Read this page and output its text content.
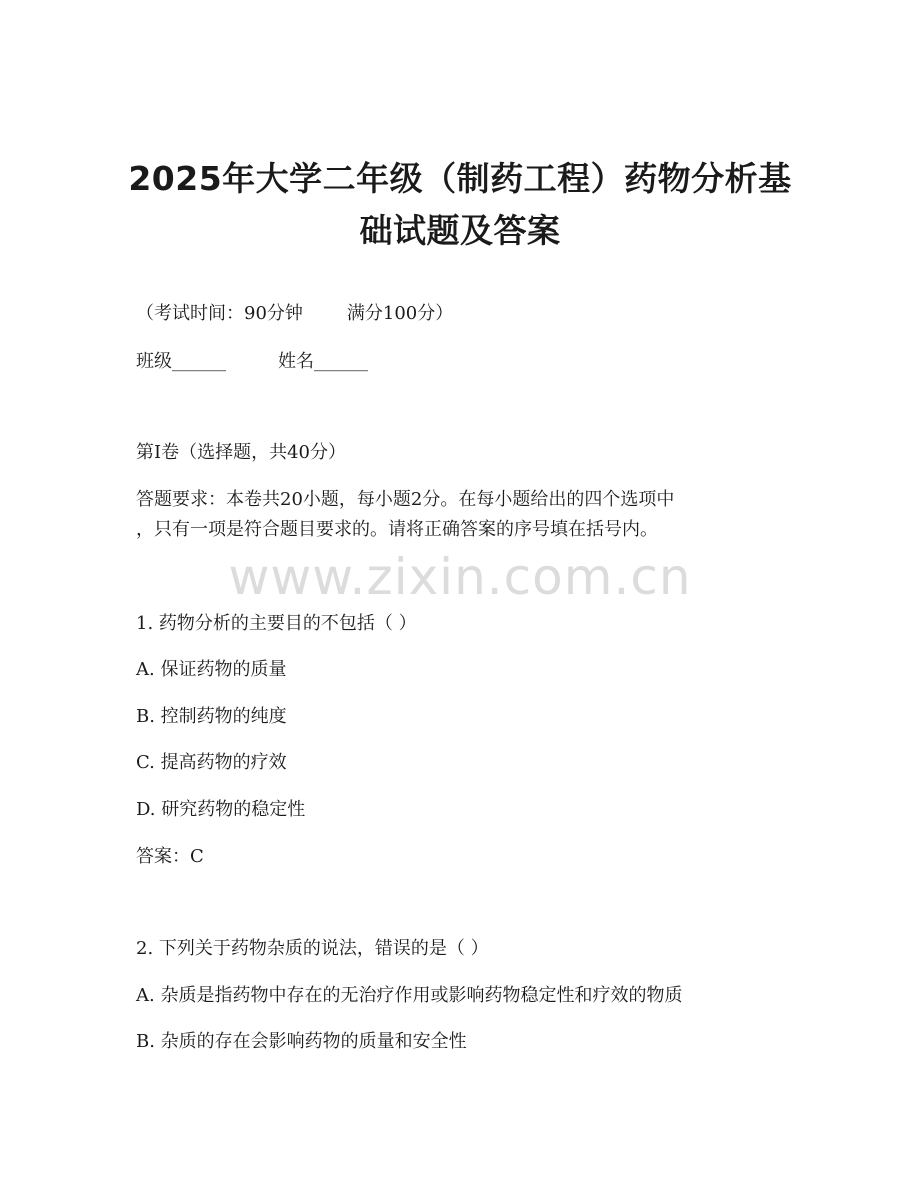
2025年大学二年级（制药工程）药物分析基
础试题及答案
（考试时间：90分钟 满分100分）
班级______	姓名______
第I卷（选择题，共40分）
答题要求：本卷共20小题，每小题2分。在每小题给出的四个选项中
，只有一项是符合题目要求的。请将正确答案的序号填在括号内。
www.zixin.com.cn
1. 药物分析的主要目的不包括（ ）
A. 保证药物的质量
B. 控制药物的纯度
C. 提高药物的疗效
D. 研究药物的稳定性
答案：C
2. 下列关于药物杂质的说法，错误的是（ ）
A. 杂质是指药物中存在的无治疗作用或影响药物稳定性和疗效的物质
B. 杂质的存在会影响药物的质量和安全性
